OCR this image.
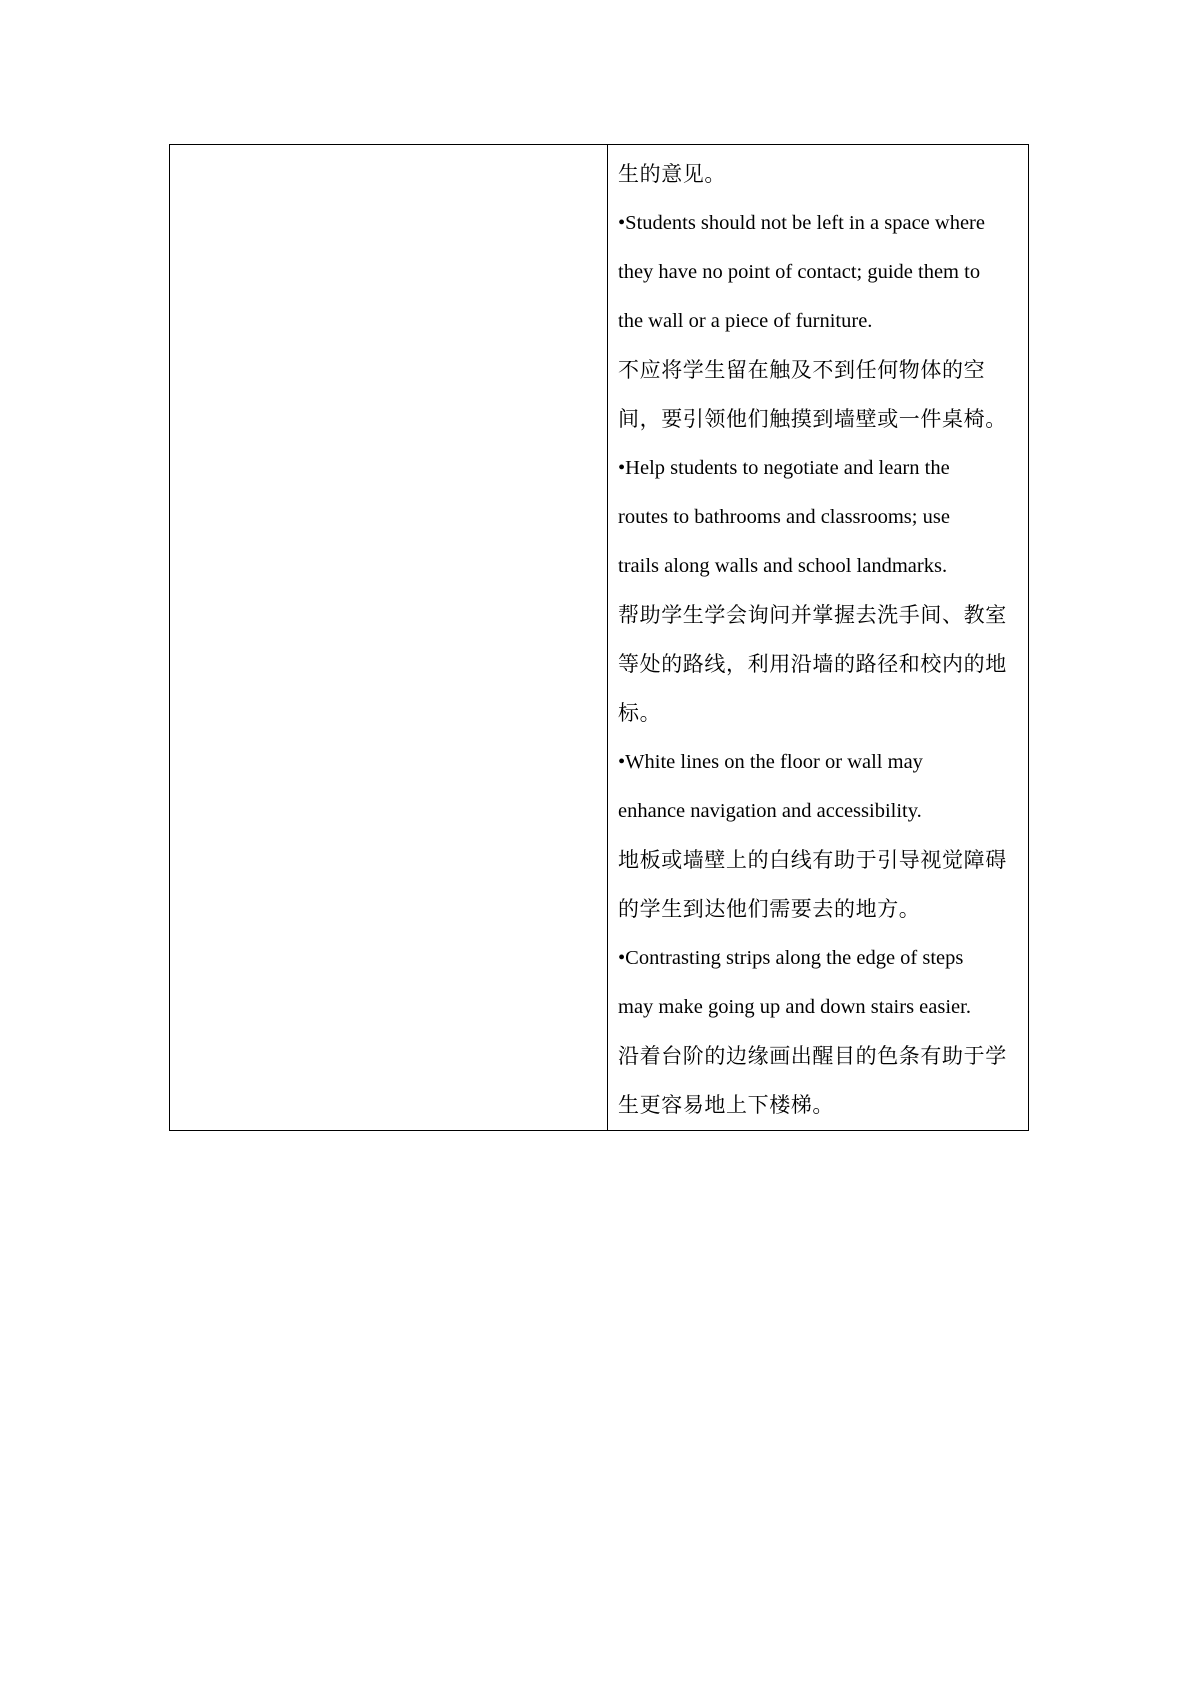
生的意见。
•Students should not be left in a space where
they have no point of contact; guide them to
the wall or a piece of furniture.
不应将学生留在触及不到任何物体的空
间，要引领他们触摸到墙壁或一件桌椅。
•Help students to negotiate and learn the
routes to bathrooms and classrooms; use
trails along walls and school landmarks.
帮助学生学会询问并掌握去洗手间、教室
等处的路线，利用沿墙的路径和校内的地
标。
•White lines on the floor or wall may
enhance navigation and accessibility.
地板或墙壁上的白线有助于引导视觉障碍
的学生到达他们需要去的地方。
•Contrasting strips along the edge of steps
may make going up and down stairs easier.
沿着台阶的边缘画出醒目的色条有助于学
生更容易地上下楼梯。
